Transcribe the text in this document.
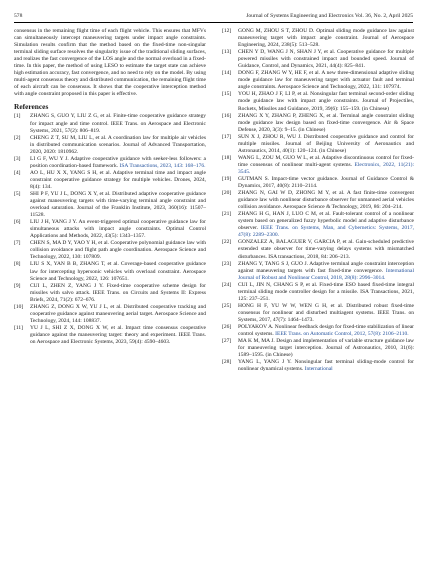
578	Journal of Systems Engineering and Electronics Vol. 36, No. 2, April 2025

consensus in the remaining flight time of each flight vehicle. This ensures that MFVs can simultaneously intercept maneuvering targets under impact angle constraints. Simulation results confirm that the method based on the fixed-time non-singular terminal sliding surface resolves the singularity issue of the traditional sliding surfaces, and realizes the fast convergence of the LOS angle and the normal overload in a fixed-time. In this paper, the method of using LESO to estimate the target state can achieve high estimation accuracy, fast convergence, and no need to rely on the model. By using multi-agent consensus theory and distributed communication, the remaining flight time of each aircraft can be consensus. It shows that the cooperative interception method with angle constraint proposed in this paper is effective.

References
[1] ZHANG S, GUO Y, LIU Z G, et al. Finite-time cooperative guidance strategy for impact angle and time control. IEEE Trans. on Aerospace and Electronic Systems, 2021, 57(2): 806–819.
[2] CHENG Z T, SU M, LIU L, et al. A coordination law for multiple air vehicles in distributed communication scenarios. Journal of Advanced Transportation, 2020, 2020: 1810962.
[3] LI G F, WU Y J. Adaptive cooperative guidance with seeker-less followers: a position coordination-based framework. ISA Transactions, 2023, 143: 168–176.
[4] AO L, HU X X, YANG S H, et al. Adaptive terminal time and impact angle constraint cooperative guidance strategy for multiple vehicles. Drones, 2024, 8(4): 134.
[5] SHI P F, YU J L, DONG X Y, et al. Distributed adaptive cooperative guidance against maneuvering targets with time-varying terminal angle constraint and overload saturation. Journal of the Franklin Institute, 2023, 360(16): 11507–11528.
[6] LIU J H, YANG J Y. An event-triggered optimal cooperative guidance law for simultaneous attacks with impact angle constraints. Optimal Control Applications and Methods, 2022, 43(5): 1343–1357.
[7] CHEN S, MA D Y, YAO Y H, et al. Cooperative polynomial guidance law with collision avoidance and flight path angle coordination. Aerospace Science and Technology, 2022, 130: 107809.
[8] LIU S X, YAN B B, ZHANG T, et al. Coverage-based cooperative guidance law for intercepting hypersonic vehicles with overload constraint. Aerospace Science and Technology, 2022, 126: 107651.
[9] CUI L, ZHEN Z, YANG J Y. Fixed-time cooperative scheme design for missiles with salvo attack. IEEE Trans. on Circuits and Systems II: Express Briefs, 2024, 71(2): 672–676.
[10] ZHANG Z, DONG X W, YU J L, et al. Distributed cooperative tracking and cooperative guidance against maneuvering aerial target. Aerospace Science and Technology, 2024, 144: 108837.
[11] YU J L, SHI Z X, DONG X W, et al. Impact time consensus cooperative guidance against the maneuvering target: theory and experiment. IEEE Trans. on Aerospace and Electronic Systems, 2023, 59(4): 4590–4603.
[12] GONG M, ZHOU S T, ZHOU D. Optimal sliding mode guidance law against maneuvering target with impact angle constraint. Journal of Aerospace Engineering, 2024, 238(5): 513–528.
[13] CHEN Y D, WANG J N, SHAN J Y, et al. Cooperative guidance for multiple powered missiles with constrained impact and bounded speed. Journal of Guidance, Control, and Dynamics, 2021, 44(4): 825–841.
[14] DONG F, ZHANG W Y, HE F, et al. A new three-dimensional adaptive sliding mode guidance law for maneuvering target with actuator fault and terminal angle constraints. Aerospace Science and Technology, 2022, 131: 107974.
[15] YOU H, ZHAO J F, LI P, et al. Nonsingular fast terminal second-order sliding mode guidance law with impact angle constraints. Journal of Projectiles, Rockets, Missiles and Guidance, 2019, 39(6): 155–159. (in Chinese)
[16] ZHANG X Y, ZHANG P, ZHENG X, et al. Terminal angle constraint sliding mode guidance law design based on fixed-time convergence. Air & Space Defense, 2020, 3(3): 9–15. (in Chinese)
[17] SUN X J, ZHOU R, WU J. Distributed cooperative guidance and control for multiple missiles. Journal of Beijing University of Aeronautics and Astronautics, 2014, 40(1): 120–124. (in Chinese)
[18] WANG L, ZOU M, GUO W L, et al. Adaptive discontinuous control for fixed-time consensus of nonlinear multi-agent systems. Electronics, 2022, 11(21): 3545.
[19] GUTMAN S. Impact-time vector guidance. Journal of Guidance Control & Dynamics, 2017, 40(8): 2110–2114.
[20] ZHANG N, GAI W D, ZHONG M Y, et al. A fast finite-time convergent guidance law with nonlinear disturbance observer for unmanned aerial vehicles collision avoidance. Aerospace Science & Technology, 2019, 86: 204–214.
[21] ZHANG H G, HAN J, LUO C M, et al. Fault-tolerant control of a nonlinear system based on generalized fuzzy hyperbolic model and adaptive disturbance observer. IEEE Trans. on Systems, Man, and Cybernetics: Systems, 2017, 47(8): 2289–2300.
[22] GONZALEZ A, BALAGUER V, GARCIA P, et al. Gain-scheduled predictive extended state observer for time-varying delays systems with mismatched disturbances. ISA transactions, 2018, 84: 206–213.
[23] ZHANG Y, TANG S J, GUO J. Adaptive terminal angle constraint interception against maneuvering targets with fast fixed-time convergence. International Journal of Robust and Nonlinear Control, 2018, 28(8): 2996–3014.
[24] CUI L, JIN N, CHANG S P, et al. Fixed-time ESO based fixed-time integral terminal sliding mode controller design for a missile. ISA Transactions, 2021, 125: 237–251.
[25] HONG H F, YU W W, WEN G H, et al. Distributed robust fixed-time consensus for nonlinear and disturbed multiagent systems. IEEE Trans. on Systems, 2017, 47(7): 1464–1473.
[26] POLYAKOV A. Nonlinear feedback design for fixed-time stabilization of linear control systems. IEEE Trans. on Automatic Control, 2012, 57(8): 2106–2110.
[27] MA K M, MA J. Design and implementation of variable structure guidance law for maneuvering target interception. Journal of Astronautics, 2010, 31(6): 1589–1595. (in Chinese)
[28] YANG L, YANG J Y. Nonsingular fast terminal sliding-mode control for nonlinear dynamical systems. International
